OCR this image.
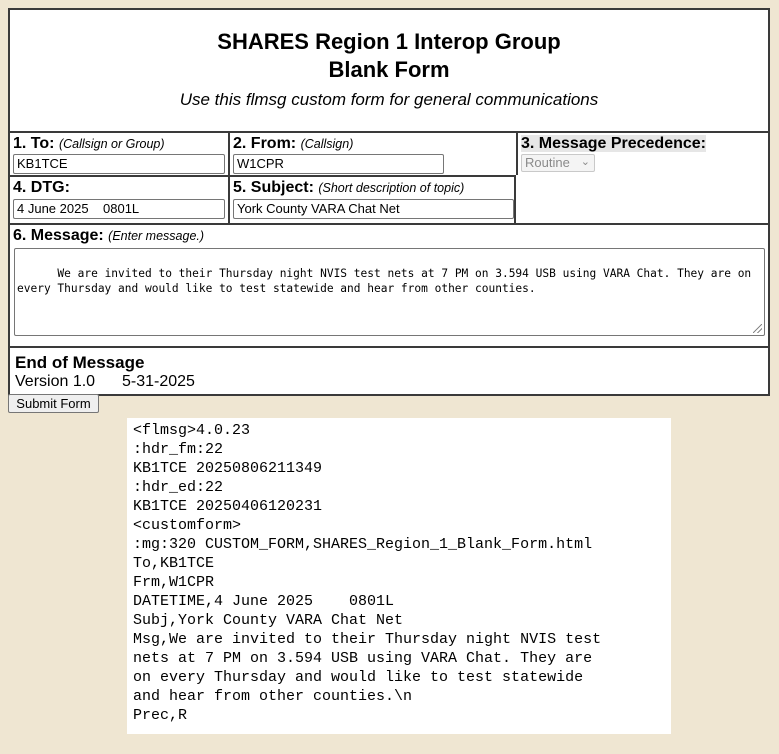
SHARES Region 1 Interop Group
Blank Form
Use this flmsg custom form for general communications
1. To: (Callsign or Group)
KB1TCE
2. From: (Callsign)
W1CPR
3. Message Precedence:
Routine ⌄
4. DTG:
4 June 2025    0801L
5. Subject: (Short description of topic)
York County VARA Chat Net
6. Message: (Enter message.)

We are invited to their Thursday night NVIS test nets at 7 PM on 3.594 USB using VARA Chat. They are on every Thursday and would like to test statewide and hear from other counties.

End of Message
Version 1.0 5-31-2025
Submit Form
<flmsg>4.0.23
:hdr_fm:22
KB1TCE 20250806211349
:hdr_ed:22
KB1TCE 20250406120231
<customform>
:mg:320 CUSTOM_FORM,SHARES_Region_1_Blank_Form.html
To,KB1TCE
Frm,W1CPR
DATETIME,4 June 2025    0801L
Subj,York County VARA Chat Net
Msg,We are invited to their Thursday night NVIS test
nets at 7 PM on 3.594 USB using VARA Chat. They are
on every Thursday and would like to test statewide
and hear from other counties.\n
Prec,R
